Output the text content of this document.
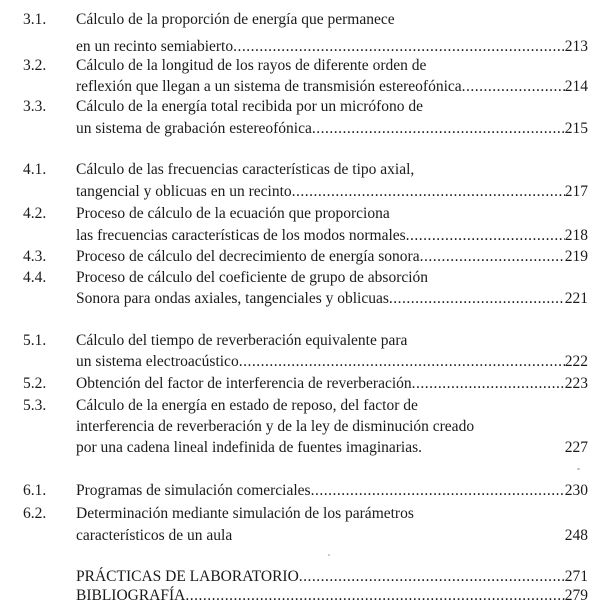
3.1. Cálculo de la proporción de energía que permanece
en un recinto semiabierto .....	213
3.2. Cálculo de la longitud de los rayos de diferente orden de
reflexión que llegan a un sistema de transmisión estereofónica .....	214
3.3. Cálculo de la energía total recibida por un micrófono de
un sistema de grabación estereofónica .....	215
4.1. Cálculo de las frecuencias características de tipo axial,
tangencial y oblicuas en un recinto .....	217
4.2. Proceso de cálculo de la ecuación que proporciona
las frecuencias características de los modos normales .....	218
4.3. Proceso de cálculo del decrecimiento de energía sonora .....	219
4.4. Proceso de cálculo del coeficiente de grupo de absorción
Sonora para ondas axiales, tangenciales y oblicuas .....	221
5.1. Cálculo del tiempo de reverberación equivalente para
un sistema electroacústico .....	222
5.2. Obtención del factor de interferencia de reverberación .....	223
5.3. Cálculo de la energía en estado de reposo, del factor de
interferencia de reverberación y de la ley de disminución creado
por una cadena lineal indefinida de fuentes imaginarias.	227
6.1. Programas de simulación comerciales .....	230
6.2. Determinación mediante simulación de los parámetros
característicos de un aula	248
PRÁCTICAS DE LABORATORIO .....	271
BIBLIOGRAFÍA .....	279
